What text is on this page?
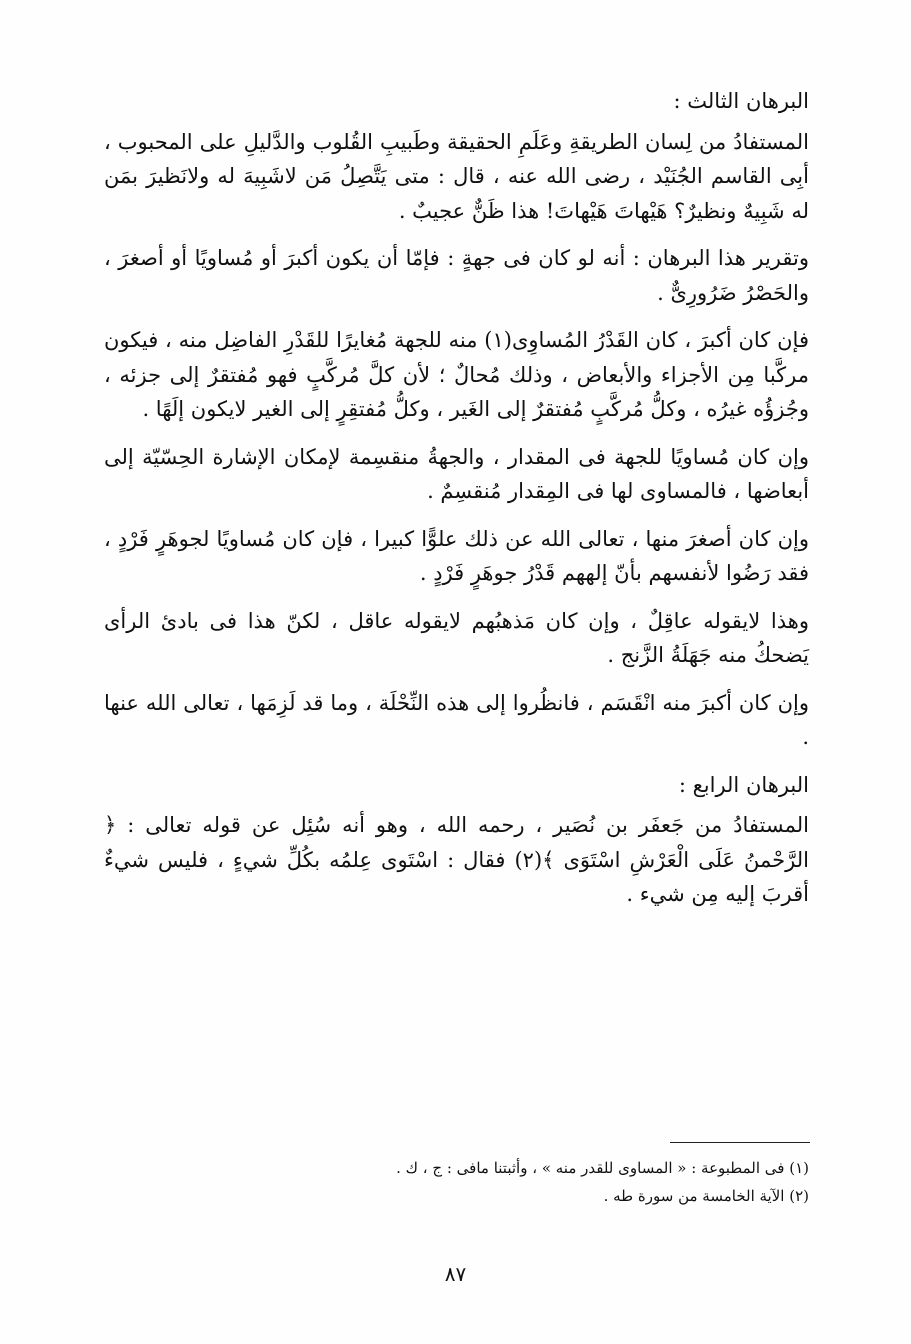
البرهان الثالث :

المستفادُ من لِسان الطريقةِ وعَلَمِ الحقيقة وطَبيبِ القُلوب والدَّليلِ على المحبوب ، أبِى القاسم الجُنَيْد ، رضى الله عنه ، قال : متى يَتَّصِلُ مَن لاشَبِيهَ له ولانَظيرَ بمَن له شَبِيهٌ ونظيرٌ؟ هَيْهاتَ هَيْهاتَ! هذا ظَنٌّ عجيبٌ .

وتقرير هذا البرهان : أنه لو كان فى جهةٍ : فإمّا أن يكون أكبرَ أو مُساويًا أو أصغرَ ، والحَصْرُ ضَرُورِىٌّ .

فإن كان أكبرَ ، كان القَدْرُ المُساوِى(١) منه للجهة مُغايرًا للقَدْرِ الفاضِل منه ، فيكون مركَّبا مِن الأجزاء والأبعاض ، وذلك مُحالٌ ؛ لأن كلَّ مُركَّبٍ فهو مُفتقرٌ إلى جزئه ، وجُزؤُه غيرُه ، وكلُّ مُركَّبٍ مُفتقرٌ إلى الغَير ، وكلُّ مُفتقِرٍ إلى الغير لايكون إلَهًا .

وإن كان مُساويًا للجهة فى المقدار ، والجهةُ منقسِمة لإمكان الإشارة الحِسّيّة إلى أبعاضها ، فالمساوى لها فى المِقدار مُنقسِمٌ .

وإن كان أصغرَ منها ، تعالى الله عن ذلك علوًّا كبيرا ، فإن كان مُساويًا لجوهَرٍ فَرْدٍ ، فقد رَضُوا لأنفسهم بأنّ إلههم قَدْرُ جوهَرٍ فَرْدٍ .

وهذا لايقوله عاقِلٌ ، وإن كان مَذهبُهم لايقوله عاقل ، لكنّ هذا فى بادئ الرأى يَضحكُ منه جَهَلَةُ الزَّنج .

وإن كان أكبرَ منه انْقَسَم ، فانظُروا إلى هذه النِّحْلَة ، وما قد لَزِمَها ، تعالى الله عنها .

البرهان الرابع :

المستفادُ من جَعفَر بن نُصَير ، رحمه الله ، وهو أنه سُئِل عن قوله تعالى : ﴿ الرَّحْمنُ عَلَى الْعَرْشِ اسْتَوَى ﴾(٢) فقال : اسْتَوى عِلمُه بكُلِّ شيءٍ ، فليس شيءٌ أقربَ إليه مِن شيء .

(١) فى المطبوعة : « المساوى للقدر منه » ، وأثبتنا مافى : ج ، ك .

(٢) الآية الخامسة من سورة طه .

٨٧
